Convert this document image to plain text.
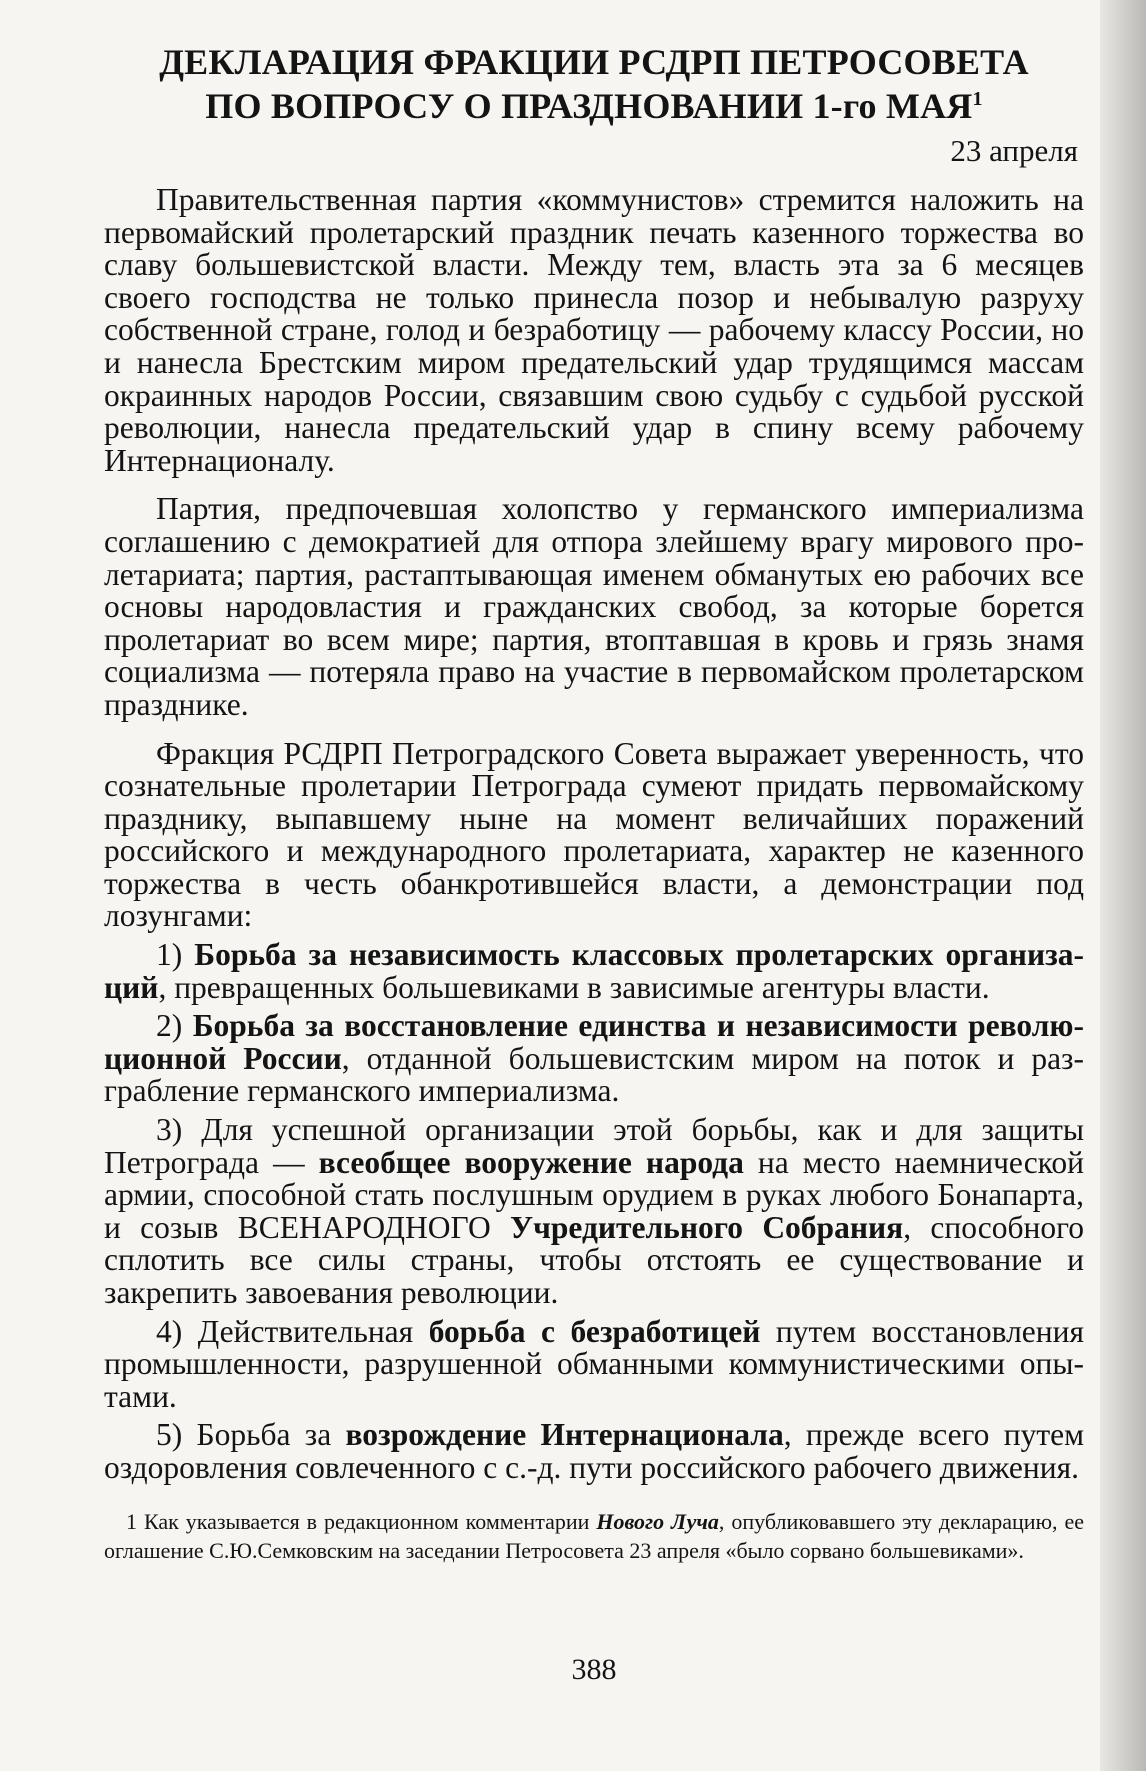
ДЕКЛАРАЦИЯ ФРАКЦИИ РСДРП ПЕТРОСОВЕТА
ПО ВОПРОСУ О ПРАЗДНОВАНИИ 1-го МАЯ$^1$
23 апреля

Правительственная партия «коммунистов» стремится наложить на первомайский пролетарский праздник печать казенного торжества во славу большевистской власти. Между тем, власть эта за 6 месяцев своего господства не только принесла позор и небывалую разруху собственной стране, голод и безработицу — рабочему классу России, но и нанесла Брестским миром предательский удар трудящимся массам окраинных народов России, связавшим свою судьбу с судьбой русской революции, нанесла предательский удар в спину всему рабочему Интернационалу.

Партия, предпочевшая холопство у германского империализма соглашению с демократией для отпора злейшему врагу мирового пролетариата; партия, растаптывающая именем обманутых ею рабочих все основы народовластия и гражданских свобод, за которые борется пролетариат во всем мире; партия, втоптавшая в кровь и грязь знамя социализма — потеряла право на участие в первомайском пролетарском празднике.

Фракция РСДРП Петроградского Совета выражает уверенность, что сознательные пролетарии Петрограда сумеют придать первомайскому празднику, выпавшему ныне на момент величайших поражений российского и международного пролетариата, характер не казенного торжества в честь обанкротившейся власти, а демонстрации под лозунгами:

1) Борьба за независимость классовых пролетарских организаций, превращенных большевиками в зависимые агентуры власти.

2) Борьба за восстановление единства и независимости революционной России, отданной большевистским миром на поток и разграбление германского империализма.

3) Для успешной организации этой борьбы, как и для защиты Петрограда — всеобщее вооружение народа на место наемнической армии, способной стать послушным орудием в руках любого Бонапарта, и созыв ВСЕНАРОДНОГО Учредительного Собрания, способного сплотить все силы страны, чтобы отстоять ее существование и закрепить завоевания революции.

4) Действительная борьба с безработицей путем восстановления промышленности, разрушенной обманными коммунистическими опытами.

5) Борьба за возрождение Интернационала, прежде всего путем оздоровления совлеченного с с.-д. пути российского рабочего движения.

1 Как указывается в редакционном комментарии Нового Луча, опубликовавшего эту декларацию, ее оглашение С.Ю.Семковским на заседании Петросовета 23 апреля «было сорвано большевиками».

388
